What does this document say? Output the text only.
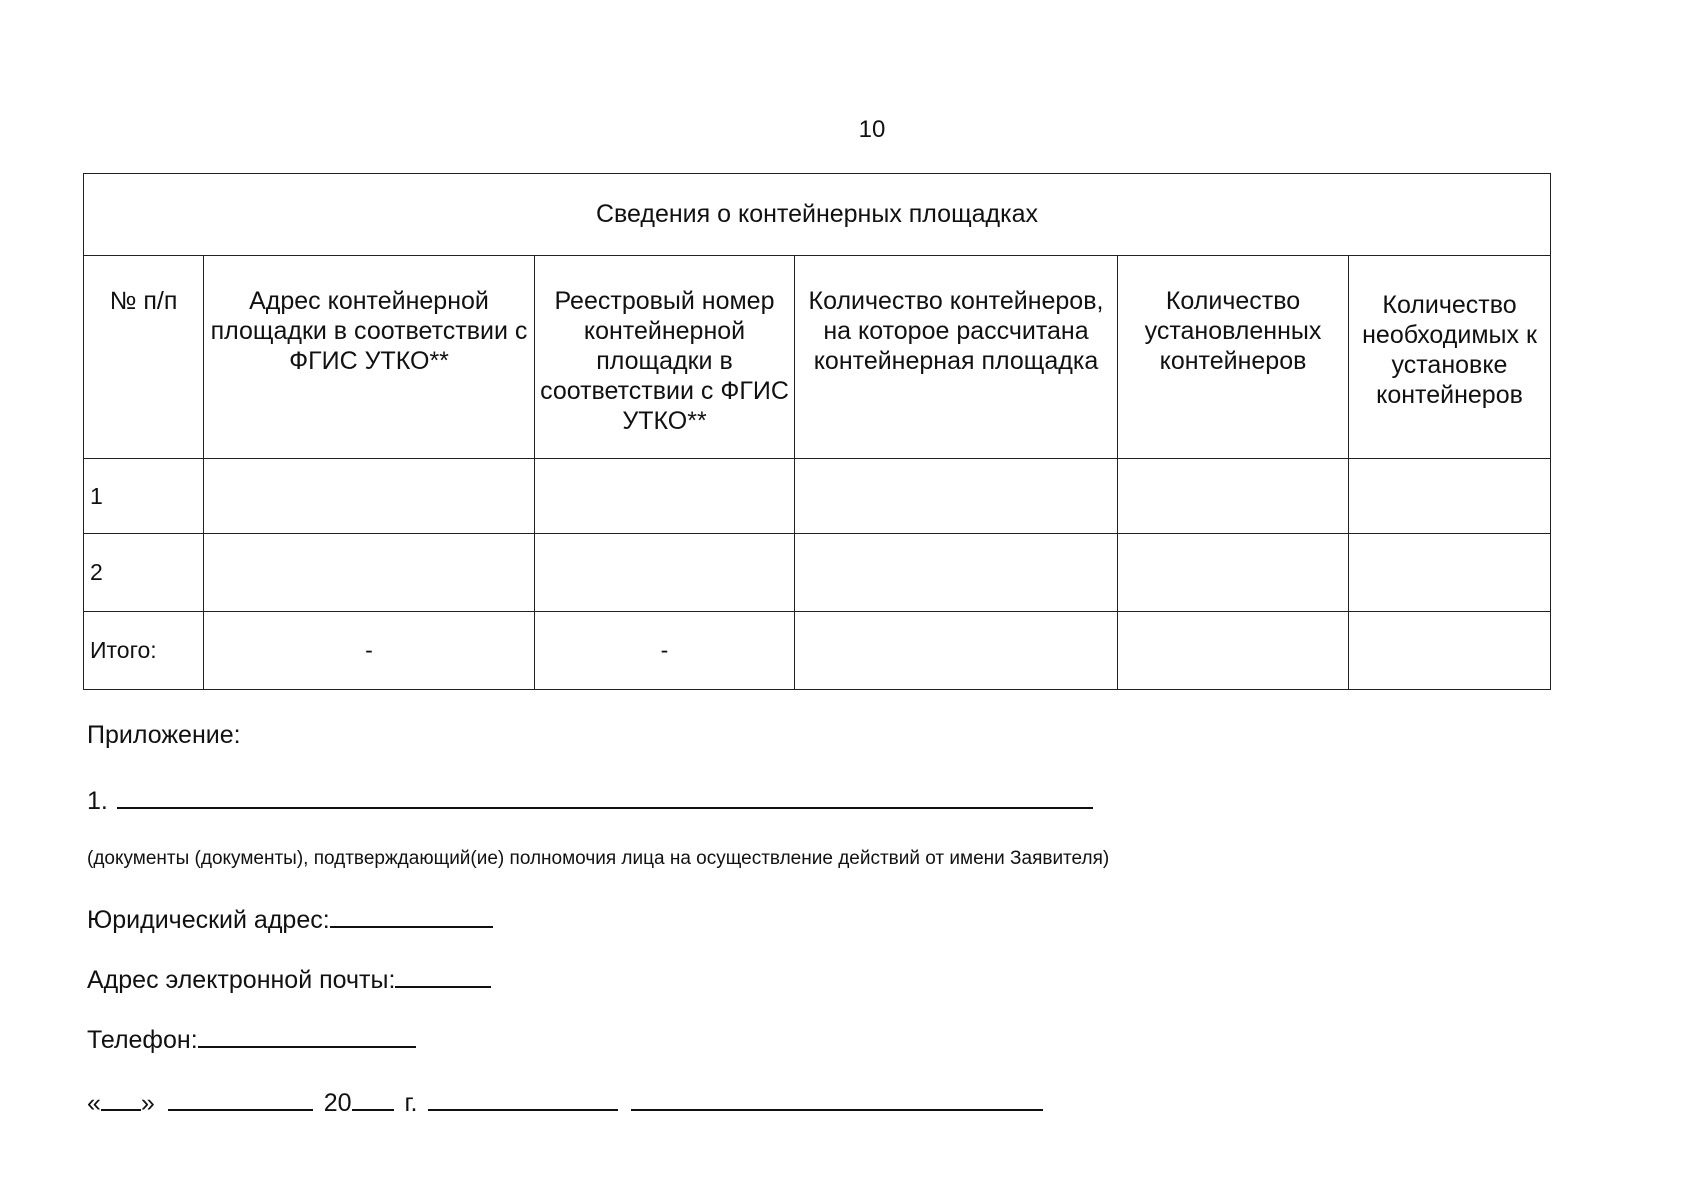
10
Сведения о контейнерных площадках					
№ п/п	Адрес контейнерной площадки в соответствии с ФГИС УТКО**	Реестровый номер контейнерной площадки в соответствии с ФГИС УТКО**	Количество контейнеров, на которое рассчитана контейнерная площадка	Количество установленных контейнеров	Количество необходимых к установке контейнеров
1					
2					
Итого:	-	-			
Приложение:
1.
(документы (документы), подтверждающий(ие) полномочия лица на осуществление действий от имени Заявителя)
Юридический адрес:
Адрес электронной почты:
Телефон:
« »	20 г.
